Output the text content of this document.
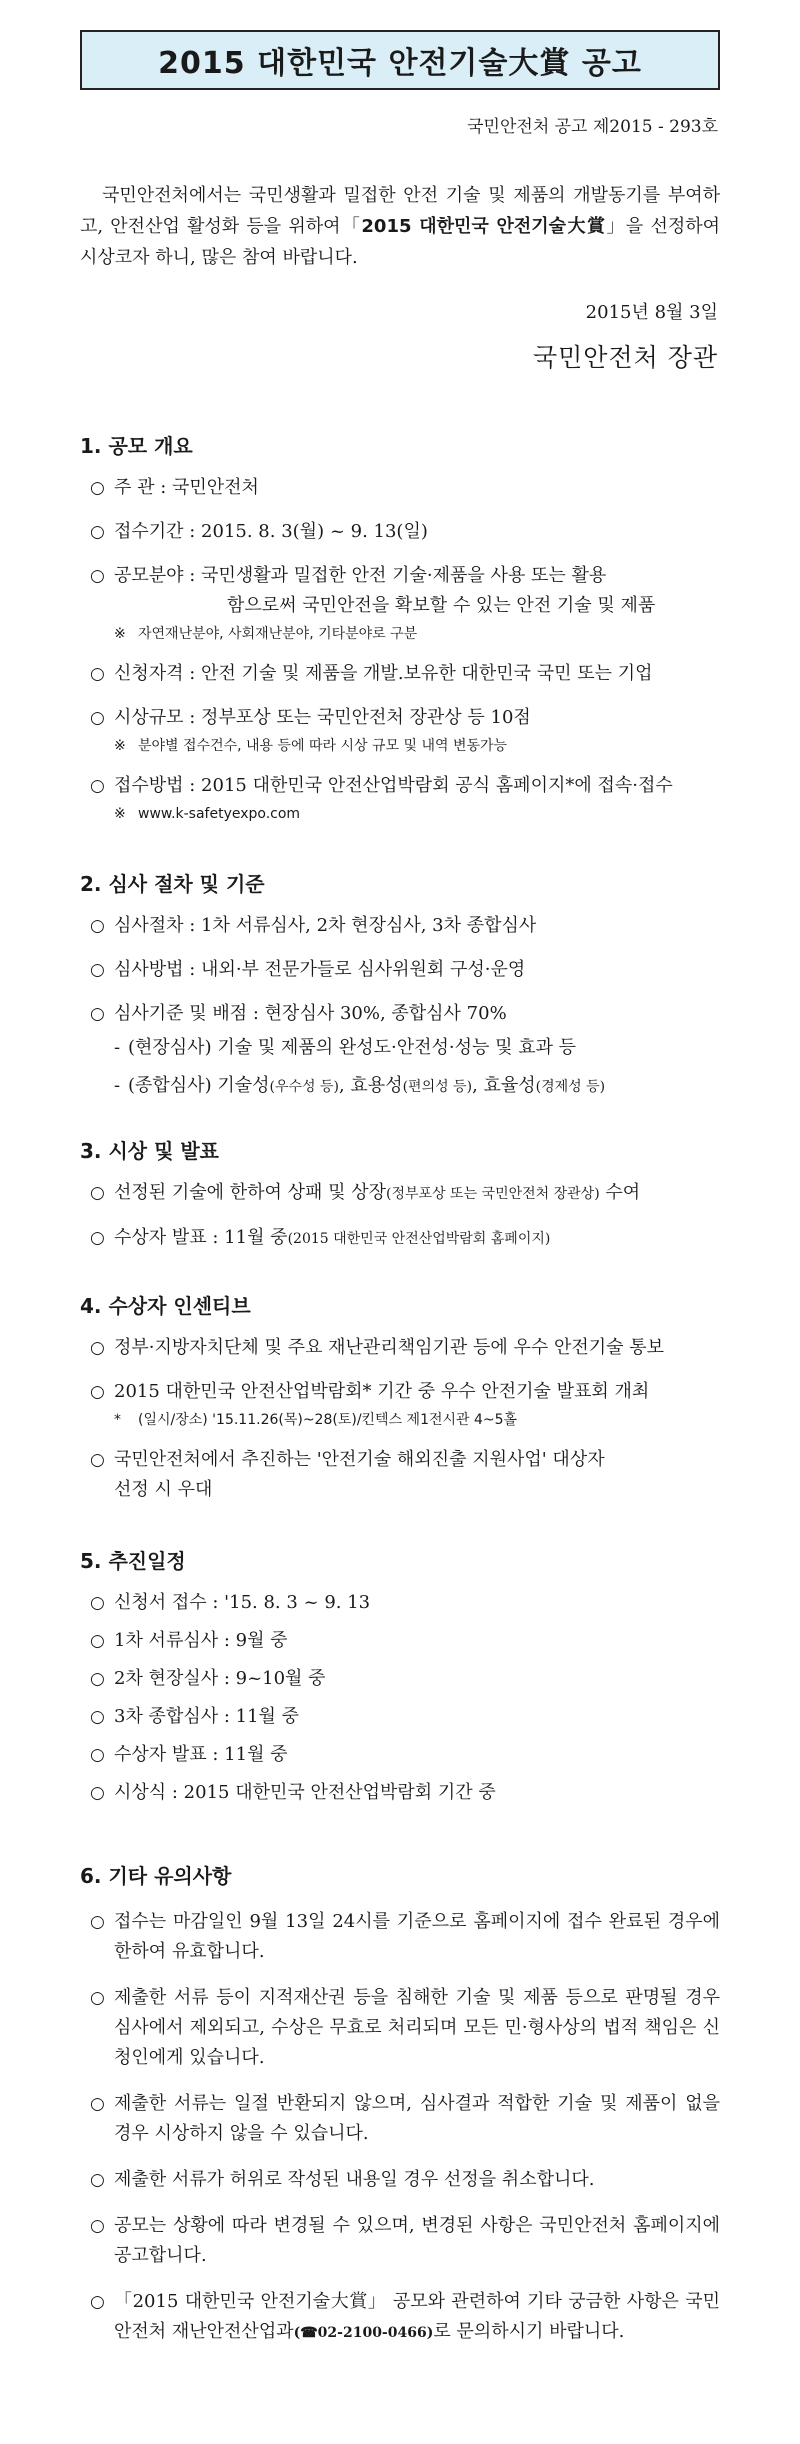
2015 대한민국 안전기술大賞 공고
국민안전처 공고 제2015 - 293호
국민안전처에서는 국민생활과 밀접한 안전 기술 및 제품의 개발동기를 부여하고, 안전산업 활성화 등을 위하여「2015 대한민국 안전기술大賞」을 선정하여 시상코자 하니, 많은 참여 바랍니다.
2015년 8월 3일
국민안전처 장관
1. 공모 개요
○ 주 관 : 국민안전처
○ 접수기간 : 2015. 8. 3(월) ~ 9. 13(일)
○ 공모분야 : 국민생활과 밀접한 안전 기술·제품을 사용 또는 활용
함으로써 국민안전을 확보할 수 있는 안전 기술 및 제품
※ 자연재난분야, 사회재난분야, 기타분야로 구분
○ 신청자격 : 안전 기술 및 제품을 개발.보유한 대한민국 국민 또는 기업
○ 시상규모 : 정부포상 또는 국민안전처 장관상 등 10점
※ 분야별 접수건수, 내용 등에 따라 시상 규모 및 내역 변동가능
○ 접수방법 : 2015 대한민국 안전산업박람회 공식 홈페이지*에 접속·접수
※ www.k-safetyexpo.com
2. 심사 절차 및 기준
○ 심사절차 : 1차 서류심사, 2차 현장심사, 3차 종합심사
○ 심사방법 : 내외·부 전문가들로 심사위원회 구성·운영
○ 심사기준 및 배점 : 현장심사 30%, 종합심사 70%
- (현장심사) 기술 및 제품의 완성도·안전성·성능 및 효과 등
- (종합심사) 기술성(우수성 등), 효용성(편의성 등), 효율성(경제성 등)
3. 시상 및 발표
○ 선정된 기술에 한하여 상패 및 상장(정부포상 또는 국민안전처 장관상) 수여
○ 수상자 발표 : 11월 중(2015 대한민국 안전산업박람회 홈페이지)
4. 수상자 인센티브
○ 정부·지방자치단체 및 주요 재난관리책임기관 등에 우수 안전기술 통보
○ 2015 대한민국 안전산업박람회* 기간 중 우수 안전기술 발표회 개최
* (일시/장소) '15.11.26(목)~28(토)/킨텍스 제1전시관 4~5홀
○ 국민안전처에서 추진하는 '안전기술 해외진출 지원사업' 대상자
선정 시 우대
5. 추진일정
○ 신청서 접수 : '15. 8. 3 ~ 9. 13
○ 1차 서류심사 : 9월 중
○ 2차 현장실사 : 9~10월 중
○ 3차 종합심사 : 11월 중
○ 수상자 발표 : 11월 중
○ 시상식 : 2015 대한민국 안전산업박람회 기간 중
6. 기타 유의사항
○ 접수는 마감일인 9월 13일 24시를 기준으로 홈페이지에 접수 완료된 경우에 한하여 유효합니다.
○ 제출한 서류 등이 지적재산권 등을 침해한 기술 및 제품 등으로 판명될 경우 심사에서 제외되고, 수상은 무효로 처리되며 모든 민·형사상의 법적 책임은 신청인에게 있습니다.
○ 제출한 서류는 일절 반환되지 않으며, 심사결과 적합한 기술 및 제품이 없을 경우 시상하지 않을 수 있습니다.
○ 제출한 서류가 허위로 작성된 내용일 경우 선정을 취소합니다.
○ 공모는 상황에 따라 변경될 수 있으며, 변경된 사항은 국민안전처 홈페이지에 공고합니다.
○ 「2015 대한민국 안전기술大賞」 공모와 관련하여 기타 궁금한 사항은 국민안전처 재난안전산업과(☎02-2100-0466)로 문의하시기 바랍니다.
